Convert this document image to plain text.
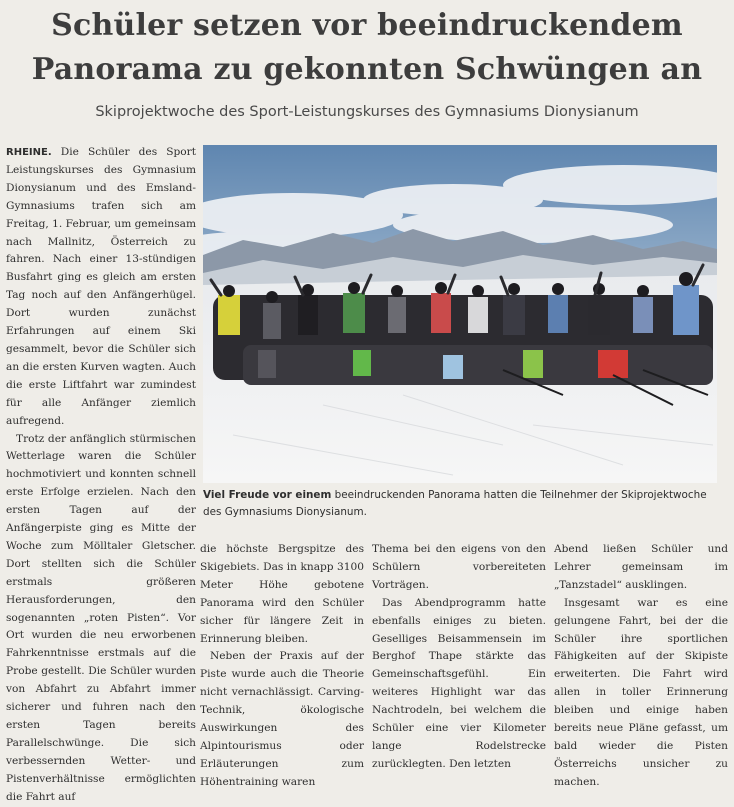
Schüler setzen vor beeindruckendem
Panorama zu gekonnten Schwüngen an
Skiprojektwoche des Sport-Leistungskurses des Gymnasiums Dionysianum

RHEINE. Die Schüler des Sport Leistungskurses des Gymnasium Dionysianum und des Emsland-Gymnasiums trafen sich am Freitag, 1. Februar, um gemeinsam nach Mallnitz, Österreich zu fahren. Nach einer 13-stündigen Busfahrt ging es gleich am ersten Tag noch auf den Anfängerhügel. Dort wurden zunächst Erfahrungen auf einem Ski gesammelt, bevor die Schüler sich an die ersten Kurven wagten. Auch die erste Liftfahrt war zumindest für alle Anfänger ziemlich aufregend.

Trotz der anfänglich stürmischen Wetterlage waren die Schüler hochmotiviert und konnten schnell erste Erfolge erzielen. Nach den ersten Tagen auf der Anfängerpiste ging es Mitte der Woche zum Mölltaler Gletscher. Dort stellten sich die Schüler erstmals größeren Herausforderungen, den sogenannten „roten Pisten“. Vor Ort wurden die neu erworbenen Fahrkenntnisse erstmals auf die Probe gestellt. Die Schüler wurden von Abfahrt zu Abfahrt immer sicherer und fuhren nach den ersten Tagen bereits Parallelschwünge. Die sich verbessernden Wetter- und Pistenverhältnisse ermöglichten die Fahrt auf

Viel Freude vor einem beeindruckenden Panorama hatten die Teilnehmer der Skiprojektwoche des Gymnasiums Dionysianum.

die höchste Bergspitze des Skigebiets. Das in knapp 3100 Meter Höhe gebotene Panorama wird den Schüler sicher für längere Zeit in Erinnerung bleiben.

Neben der Praxis auf der Piste wurde auch die Theorie nicht vernachlässigt. Carving-Technik, ökologische Auswirkungen des Alpintourismus oder Erläuterungen zum Höhentraining waren

Thema bei den eigens von den Schülern vorbereiteten Vorträgen.

Das Abendprogramm hatte ebenfalls einiges zu bieten. Geselliges Beisammensein im Berghof Thape stärkte das Gemeinschaftsgefühl. Ein weiteres Highlight war das Nachtrodeln, bei welchem die Schüler eine vier Kilometer lange Rodelstrecke zurücklegten. Den letzten

Abend ließen Schüler und Lehrer gemeinsam im „Tanzstadel“ ausklingen.

Insgesamt war es eine gelungene Fahrt, bei der die Schüler ihre sportlichen Fähigkeiten auf der Skipiste erweiterten. Die Fahrt wird allen in toller Erinnerung bleiben und einige haben bereits neue Pläne gefasst, um bald wieder die Pisten Österreichs unsicher zu machen.
